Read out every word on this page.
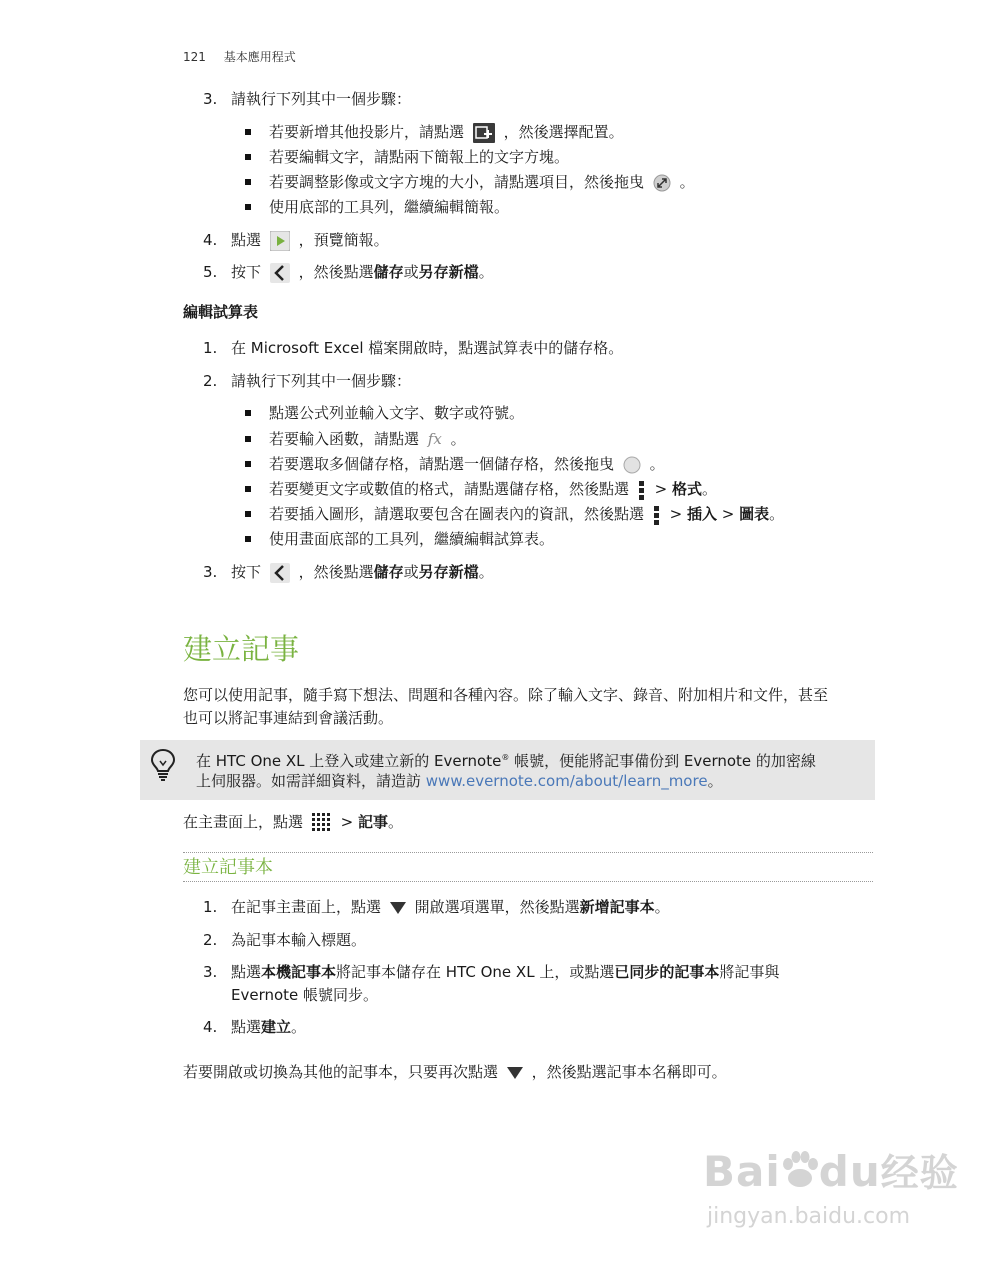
121 基本應用程式
3. 請執行下列其中一個步驟：
若要新增其他投影片，請點選	，然後選擇配置。
若要編輯文字，請點兩下簡報上的文字方塊。
若要調整影像或文字方塊的大小，請點選項目，然後拖曳 。
使用底部的工具列，繼續編輯簡報。
4. 點選	，預覽簡報。
5. 按下	，然後點選儲存或另存新檔。
編輯試算表
1. 在 Microsoft Excel 檔案開啟時，點選試算表中的儲存格。
2. 請執行下列其中一個步驟：
點選公式列並輸入文字、數字或符號。
若要輸入函數，請點選 fx 。
若要選取多個儲存格，請點選一個儲存格，然後拖曳 。
若要變更文字或數值的格式，請點選儲存格，然後點選 > 格式。
若要插入圖形，請選取要包含在圖表內的資訊，然後點選 > 插入 > 圖表。
使用畫面底部的工具列，繼續編輯試算表。
3. 按下	，然後點選儲存或另存新檔。
建立記事
您可以使用記事，隨手寫下想法、問題和各種內容。除了輸入文字、錄音、附加相片和文件，甚至
也可以將記事連結到會議活動。
在 HTC One XL 上登入或建立新的 Evernote® 帳號，便能將記事備份到 Evernote 的加密線
上伺服器。如需詳細資料，請造訪 www.evernote.com/about/learn_more。
在主畫面上，點選	> 記事。
建立記事本
1. 在記事主畫面上，點選 開啟選項選單，然後點選新增記事本。
2. 為記事本輸入標題。
3. 點選本機記事本將記事本儲存在 HTC One XL 上，或點選已同步的記事本將記事與
Evernote 帳號同步。
4. 點選建立。
若要開啟或切換為其他的記事本，只要再次點選 ，然後點選記事本名稱即可。
Bai du经验
jingyan.baidu.com
